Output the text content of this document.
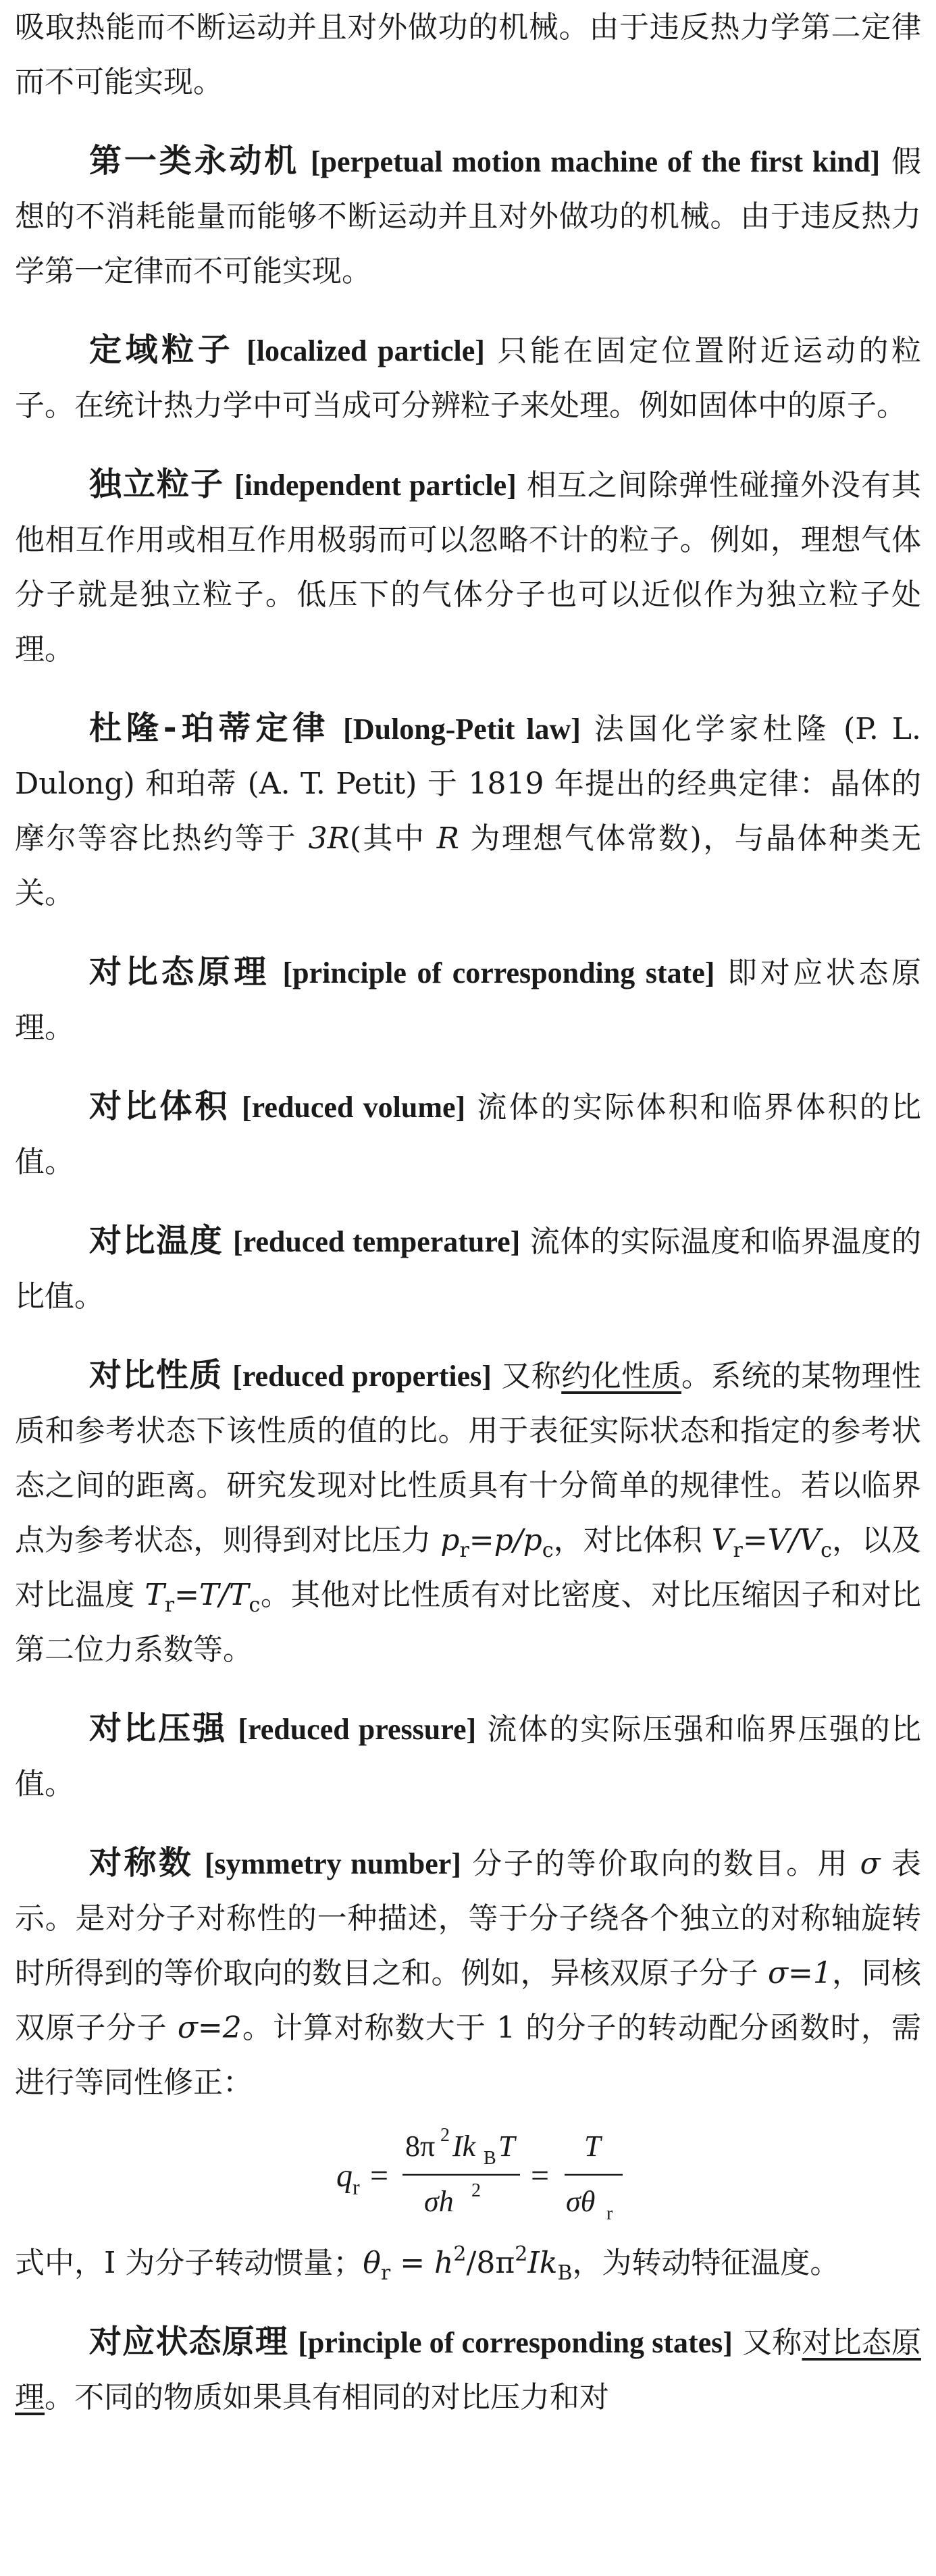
吸取热能而不断运动并且对外做功的机械。由于违反热力学第二定律而不可能实现。

第一类永动机 [perpetual motion machine of the first kind] 假想的不消耗能量而能够不断运动并且对外做功的机械。由于违反热力学第一定律而不可能实现。

定域粒子 [localized particle] 只能在固定位置附近运动的粒子。在统计热力学中可当成可分辨粒子来处理。例如固体中的原子。

独立粒子 [independent particle] 相互之间除弹性碰撞外没有其他相互作用或相互作用极弱而可以忽略不计的粒子。例如，理想气体分子就是独立粒子。低压下的气体分子也可以近似作为独立粒子处理。

杜隆-珀蒂定律 [Dulong-Petit law] 法国化学家杜隆 (P. L. Dulong) 和珀蒂 (A. T. Petit) 于 1819 年提出的经典定律：晶体的摩尔等容比热约等于 3R(其中 R 为理想气体常数)，与晶体种类无关。

对比态原理 [principle of corresponding state] 即对应状态原理。

对比体积 [reduced volume] 流体的实际体积和临界体积的比值。

对比温度 [reduced temperature] 流体的实际温度和临界温度的比值。

对比性质 [reduced properties] 又称约化性质。系统的某物理性质和参考状态下该性质的值的比。用于表征实际状态和指定的参考状态之间的距离。研究发现对比性质具有十分简单的规律性。若以临界点为参考状态，则得到对比压力 $p_r=p/p_c$，对比体积 $V_r=V/V_c$，以及对比温度 $T_r=T/T_c$。其他对比性质有对比密度、对比压缩因子和对比第二位力系数等。

对比压强 [reduced pressure] 流体的实际压强和临界压强的比值。

对称数 [symmetry number] 分子的等价取向的数目。用 σ 表示。是对分子对称性的一种描述，等于分子绕各个独立的对称轴旋转时所得到的等价取向的数目之和。例如，异核双原子分子 σ=1，同核双原子分子 σ=2。计算对称数大于 1 的分子的转动配分函数时，需进行等同性修正：

q r =
8π 2 Ik B T
σh 2 =
T
σθ r

式中，I 为分子转动惯量；$\theta_r = h^2/8\pi^2Ik_B$，为转动特征温度。

对应状态原理 [principle of corresponding states] 又称对比态原理。不同的物质如果具有相同的对比压力和对
